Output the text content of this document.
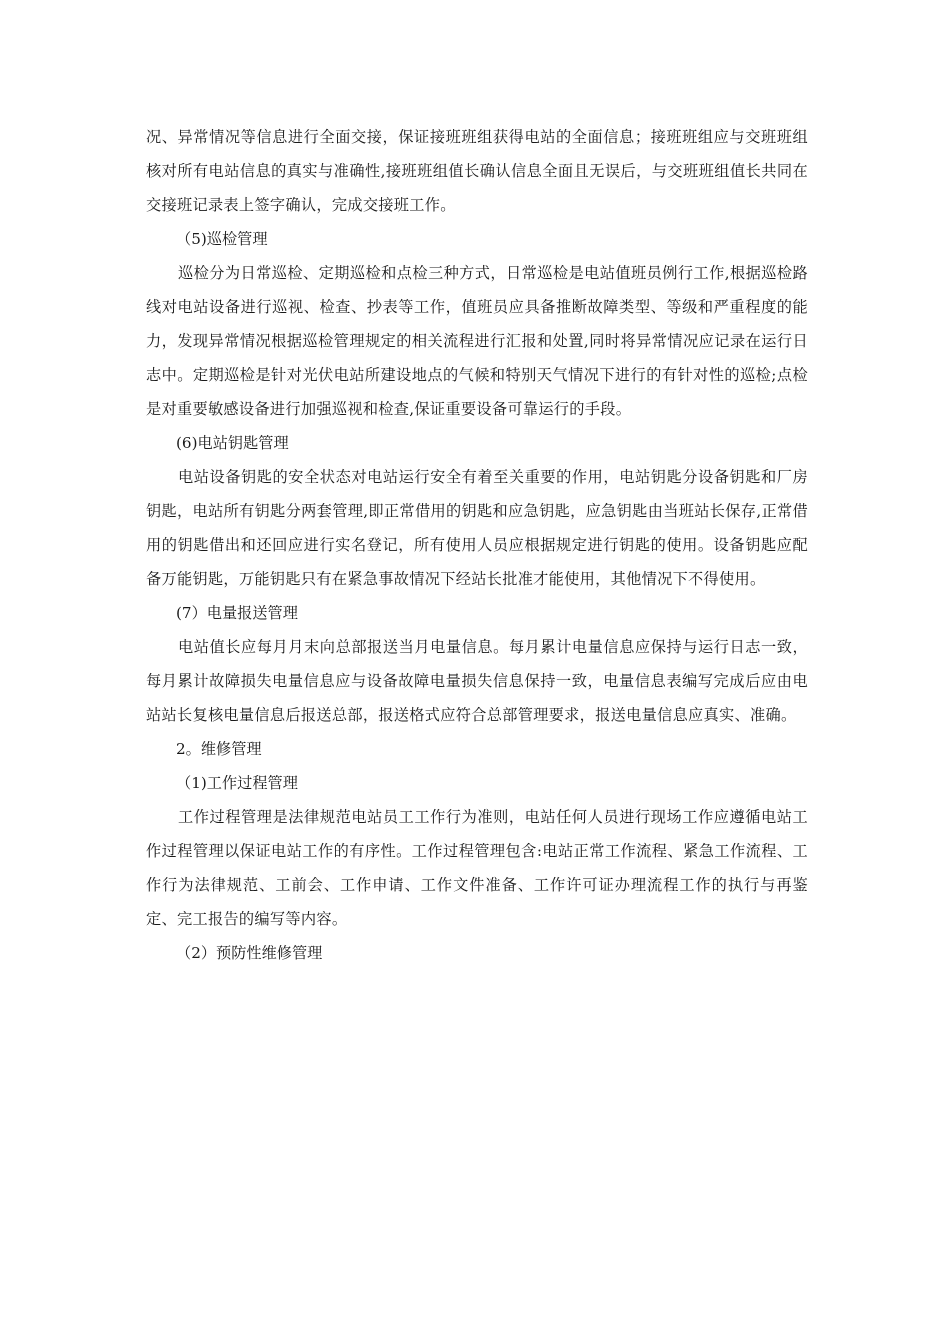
况、异常情况等信息进行全面交接，保证接班班组获得电站的全面信息；接班班组应与交班班组核对所有电站信息的真实与准确性,接班班组值长确认信息全面且无误后，与交班班组值长共同在交接班记录表上签字确认，完成交接班工作。

（5)巡检管理

巡检分为日常巡检、定期巡检和点检三种方式，日常巡检是电站值班员例行工作,根据巡检路线对电站设备进行巡视、检查、抄表等工作，值班员应具备推断故障类型、等级和严重程度的能力，发现异常情况根据巡检管理规定的相关流程进行汇报和处置,同时将异常情况应记录在运行日志中。定期巡检是针对光伏电站所建设地点的气候和特别天气情况下进行的有针对性的巡检;点检是对重要敏感设备进行加强巡视和检查,保证重要设备可靠运行的手段。

(6)电站钥匙管理

电站设备钥匙的安全状态对电站运行安全有着至关重要的作用，电站钥匙分设备钥匙和厂房钥匙，电站所有钥匙分两套管理,即正常借用的钥匙和应急钥匙，应急钥匙由当班站长保存,正常借用的钥匙借出和还回应进行实名登记，所有使用人员应根据规定进行钥匙的使用。设备钥匙应配备万能钥匙，万能钥匙只有在紧急事故情况下经站长批准才能使用，其他情况下不得使用。

(7）电量报送管理

电站值长应每月月末向总部报送当月电量信息。每月累计电量信息应保持与运行日志一致，每月累计故障损失电量信息应与设备故障电量损失信息保持一致，电量信息表编写完成后应由电站站长复核电量信息后报送总部，报送格式应符合总部管理要求，报送电量信息应真实、准确。

2。维修管理

（1)工作过程管理

工作过程管理是法律规范电站员工工作行为准则，电站任何人员进行现场工作应遵循电站工作过程管理以保证电站工作的有序性。工作过程管理包含:电站正常工作流程、紧急工作流程、工作行为法律规范、工前会、工作申请、工作文件准备、工作许可证办理流程工作的执行与再鉴定、完工报告的编写等内容。

（2）预防性维修管理
